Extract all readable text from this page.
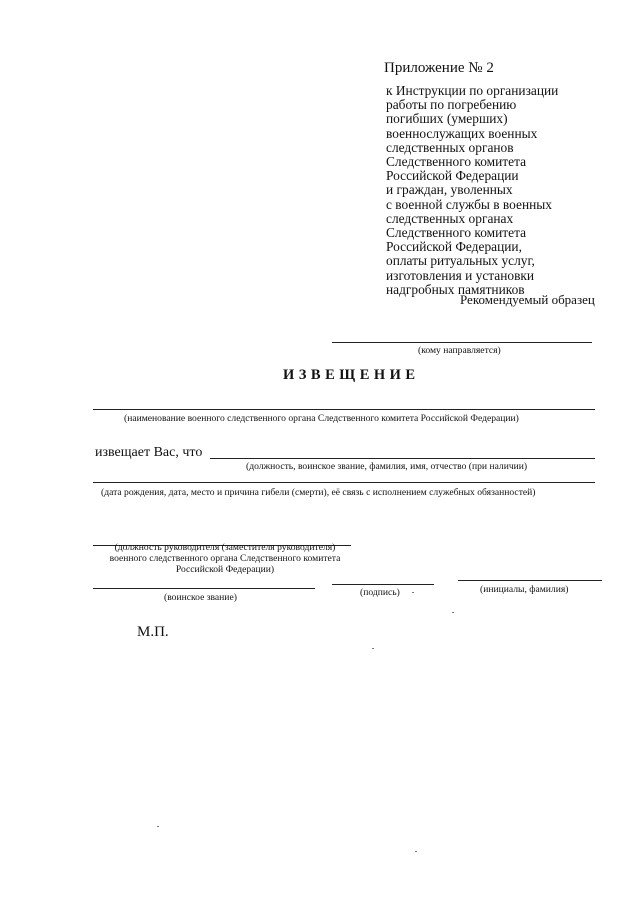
Приложение № 2
к Инструкции по организации
работы по погребению
погибших (умерших)
военнослужащих военных
следственных органов
Следственного комитета
Российской Федерации
и граждан, уволенных
с военной службы в военных
следственных органах
Следственного комитета
Российской Федерации,
оплаты ритуальных услуг,
изготовления и установки
надгробных памятников
Рекомендуемый образец
(кому направляется)
ИЗВЕЩЕНИЕ
(наименование военного следственного органа Следственного комитета Российской Федерации)
извещает Вас, что
(должность, воинское звание, фамилия, имя, отчество (при наличии)
(дата рождения, дата, место и причина гибели (смерти), её связь с исполнением служебных обязанностей)
(должность руководителя (заместителя руководителя)
военного следственного органа Следственного комитета
Российской Федерации)
(воинское звание)	(подпись)	(инициалы, фамилия)
М.П.
